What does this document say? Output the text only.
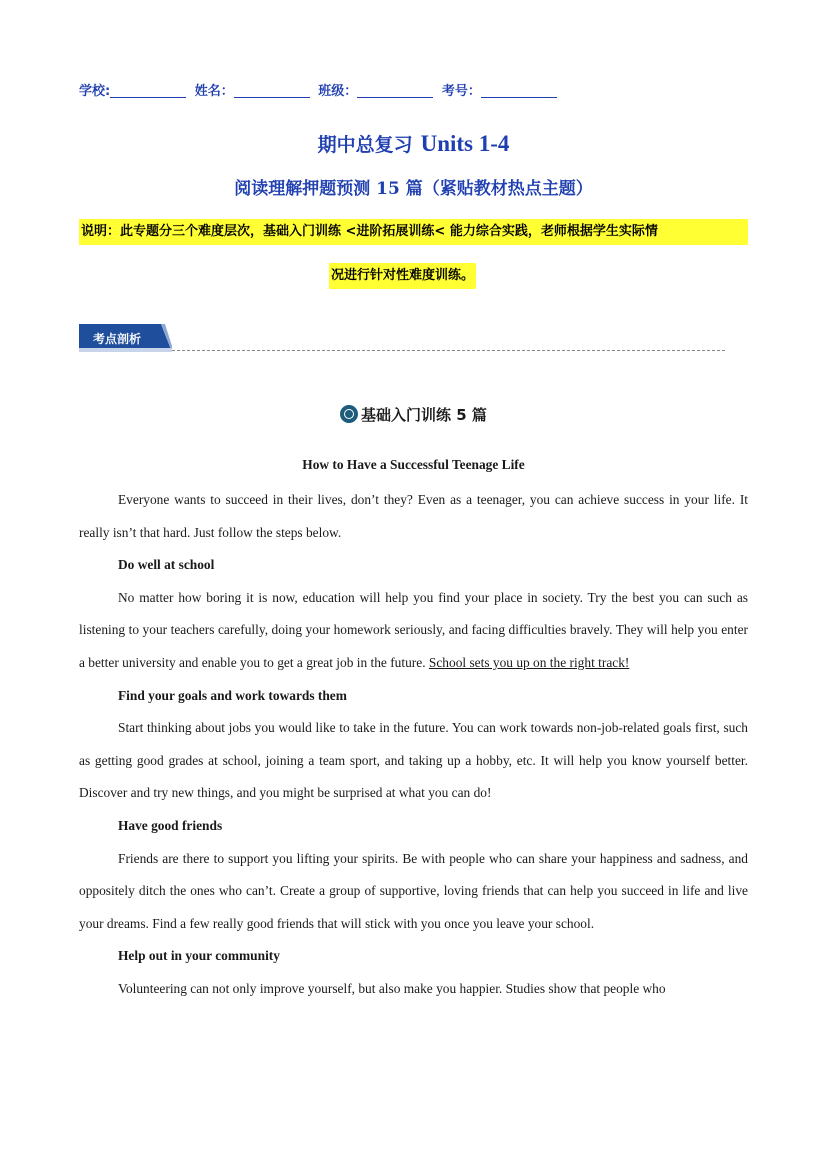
学校:	姓名：	班级：	考号：
期中总复习 Units 1-4
阅读理解押题预测 15 篇（紧贴教材热点主题）
说明：此专题分三个难度层次，基础入门训练 <进阶拓展训练< 能力综合实践，老师根据学生实际情
况进行针对性难度训练。
考点剖析
基础入门训练 5 篇
How to Have a Successful Teenage Life

Everyone wants to succeed in their lives, don’t they? Even as a teenager, you can achieve success in your life. It really isn’t that hard. Just follow the steps below.

Do well at school

No matter how boring it is now, education will help you find your place in society. Try the best you can such as listening to your teachers carefully, doing your homework seriously, and facing difficulties bravely. They will help you enter a better university and enable you to get a great job in the future. School sets you up on the right track!

Find your goals and work towards them

Start thinking about jobs you would like to take in the future. You can work towards non-job-related goals first, such as getting good grades at school, joining a team sport, and taking up a hobby, etc. It will help you know yourself better. Discover and try new things, and you might be surprised at what you can do!

Have good friends

Friends are there to support you lifting your spirits. Be with people who can share your happiness and sadness, and oppositely ditch the ones who can’t. Create a group of supportive, loving friends that can help you succeed in life and live your dreams. Find a few really good friends that will stick with you once you leave your school.

Help out in your community

Volunteering can not only improve yourself, but also make you happier. Studies show that people who
